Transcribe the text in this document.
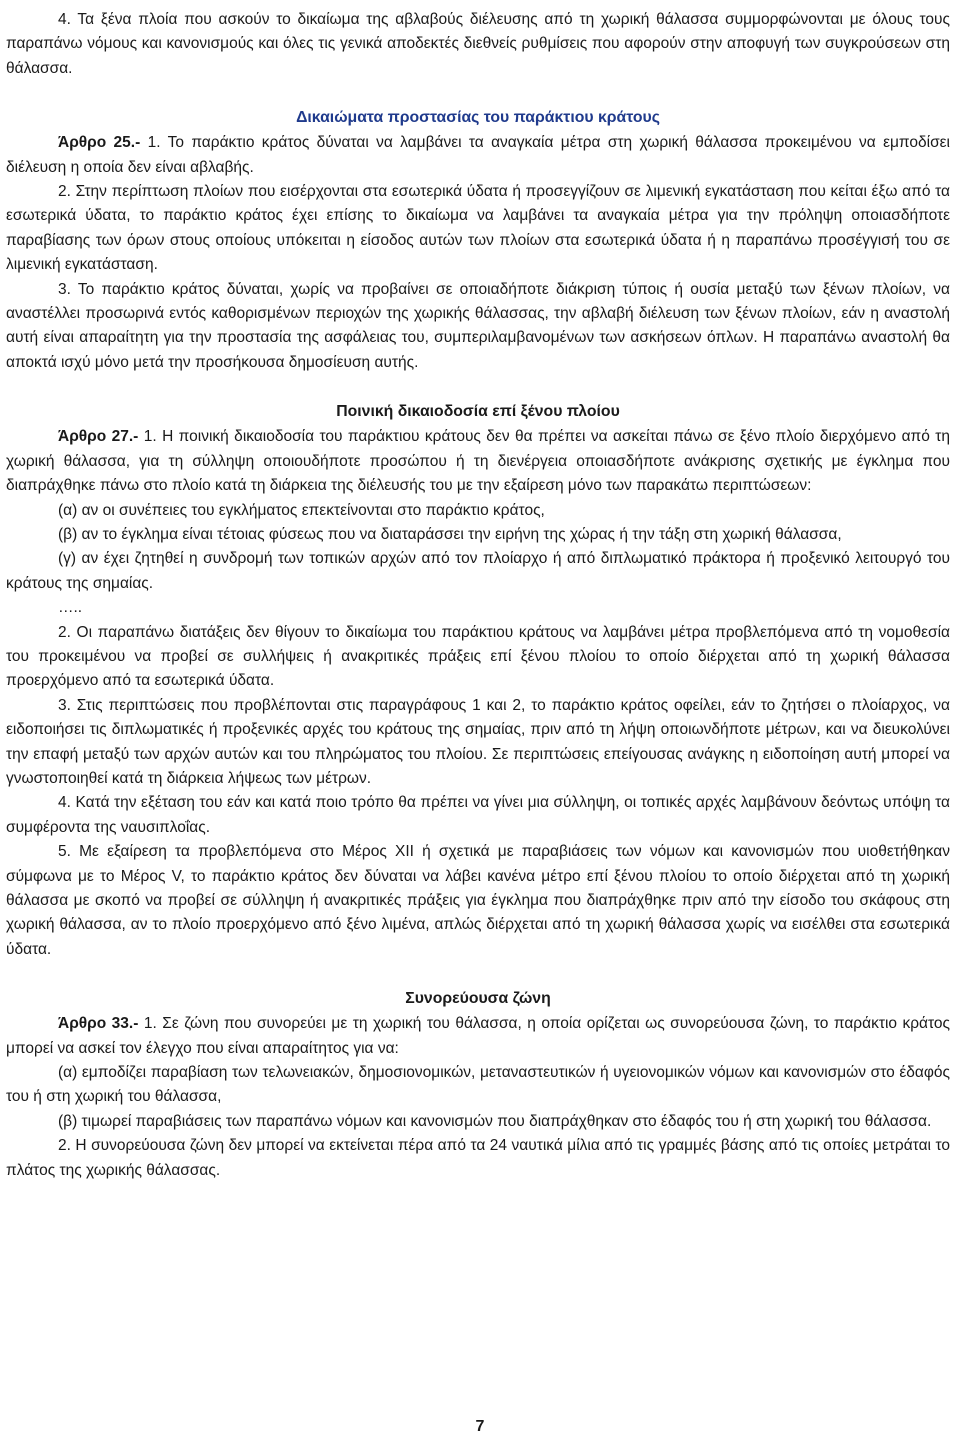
4. Τα ξένα πλοία που ασκούν το δικαίωμα της αβλαβούς διέλευσης από τη χωρική θάλασσα συμμορφώνονται με όλους τους παραπάνω νόμους και κανονισμούς και όλες τις γενικά αποδεκτές διεθνείς ρυθμίσεις που αφορούν στην αποφυγή των συγκρούσεων στη θάλασσα.

Δικαιώματα προστασίας του παράκτιου κράτους

Άρθρο 25.- 1. Το παράκτιο κράτος δύναται να λαμβάνει τα αναγκαία μέτρα στη χωρική θάλασσα προκειμένου να εμποδίσει διέλευση η οποία δεν είναι αβλαβής.

2. Στην περίπτωση πλοίων που εισέρχονται στα εσωτερικά ύδατα ή προσεγγίζουν σε λιμενική εγκατάσταση που κείται έξω από τα εσωτερικά ύδατα, το παράκτιο κράτος έχει επίσης το δικαίωμα να λαμβάνει τα αναγκαία μέτρα για την πρόληψη οποιασδήποτε παραβίασης των όρων στους οποίους υπόκειται η είσοδος αυτών των πλοίων στα εσωτερικά ύδατα ή η παραπάνω προσέγγισή του σε λιμενική εγκατάσταση.

3. Το παράκτιο κράτος δύναται, χωρίς να προβαίνει σε οποιαδήποτε διάκριση τύποις ή ουσία μεταξύ των ξένων πλοίων, να αναστέλλει προσωρινά εντός καθορισμένων περιοχών της χωρικής θάλασσας, την αβλαβή διέλευση των ξένων πλοίων, εάν η αναστολή αυτή είναι απαραίτητη για την προστασία της ασφάλειας του, συμπεριλαμβανομένων των ασκήσεων όπλων. Η παραπάνω αναστολή θα αποκτά ισχύ μόνο μετά την προσήκουσα δημοσίευση αυτής.

Ποινική δικαιοδοσία επί ξένου πλοίου

Άρθρο 27.- 1. Η ποινική δικαιοδοσία του παράκτιου κράτους δεν θα πρέπει να ασκείται πάνω σε ξένο πλοίο διερχόμενο από τη χωρική θάλασσα, για τη σύλληψη οποιουδήποτε προσώπου ή τη διενέργεια οποιασδήποτε ανάκρισης σχετικής με έγκλημα που διαπράχθηκε πάνω στο πλοίο κατά τη διάρκεια της διέλευσής του με την εξαίρεση μόνο των παρακάτω περιπτώσεων:

(α) αν οι συνέπειες του εγκλήματος επεκτείνονται στο παράκτιο κράτος,

(β) αν το έγκλημα είναι τέτοιας φύσεως που να διαταράσσει την ειρήνη της χώρας ή την τάξη στη χωρική θάλασσα,

(γ) αν έχει ζητηθεί η συνδρομή των τοπικών αρχών από τον πλοίαρχο ή από διπλωματικό πράκτορα ή προξενικό λειτουργό του κράτους της σημαίας.

…..

2. Οι παραπάνω διατάξεις δεν θίγουν το δικαίωμα του παράκτιου κράτους να λαμβάνει μέτρα προβλεπόμενα από τη νομοθεσία του προκειμένου να προβεί σε συλλήψεις ή ανακριτικές πράξεις επί ξένου πλοίου το οποίο διέρχεται από τη χωρική θάλασσα προερχόμενο από τα εσωτερικά ύδατα.

3. Στις περιπτώσεις που προβλέπονται στις παραγράφους 1 και 2, το παράκτιο κράτος οφείλει, εάν το ζητήσει ο πλοίαρχος, να ειδοποιήσει τις διπλωματικές ή προξενικές αρχές του κράτους της σημαίας, πριν από τη λήψη οποιωνδήποτε μέτρων, και να διευκολύνει την επαφή μεταξύ των αρχών αυτών και του πληρώματος του πλοίου. Σε περιπτώσεις επείγουσας ανάγκης η ειδοποίηση αυτή μπορεί να γνωστοποιηθεί κατά τη διάρκεια λήψεως των μέτρων.

4. Κατά την εξέταση του εάν και κατά ποιο τρόπο θα πρέπει να γίνει μια σύλληψη, οι τοπικές αρχές λαμβάνουν δεόντως υπόψη τα συμφέροντα της ναυσιπλοΐας.

5. Με εξαίρεση τα προβλεπόμενα στο Μέρος XII ή σχετικά με παραβιάσεις των νόμων και κανονισμών που υιοθετήθηκαν σύμφωνα με το Μέρος V, το παράκτιο κράτος δεν δύναται να λάβει κανένα μέτρο επί ξένου πλοίου το οποίο διέρχεται από τη χωρική θάλασσα με σκοπό να προβεί σε σύλληψη ή ανακριτικές πράξεις για έγκλημα που διαπράχθηκε πριν από την είσοδο του σκάφους στη χωρική θάλασσα, αν το πλοίο προερχόμενο από ξένο λιμένα, απλώς διέρχεται από τη χωρική θάλασσα χωρίς να εισέλθει στα εσωτερικά ύδατα.

Συνορεύουσα ζώνη

Άρθρο 33.- 1. Σε ζώνη που συνορεύει με τη χωρική του θάλασσα, η οποία ορίζεται ως συνορεύουσα ζώνη, το παράκτιο κράτος μπορεί να ασκεί τον έλεγχο που είναι απαραίτητος για να:

(α) εμποδίζει παραβίαση των τελωνειακών, δημοσιονομικών, μεταναστευτικών ή υγειονομικών νόμων και κανονισμών στο έδαφός του ή στη χωρική του θάλασσα,

(β) τιμωρεί παραβιάσεις των παραπάνω νόμων και κανονισμών που διαπράχθηκαν στο έδαφός του ή στη χωρική του θάλασσα.

2. Η συνορεύουσα ζώνη δεν μπορεί να εκτείνεται πέρα από τα 24 ναυτικά μίλια από τις γραμμές βάσης από τις οποίες μετράται το πλάτος της χωρικής θάλασσας.

7
